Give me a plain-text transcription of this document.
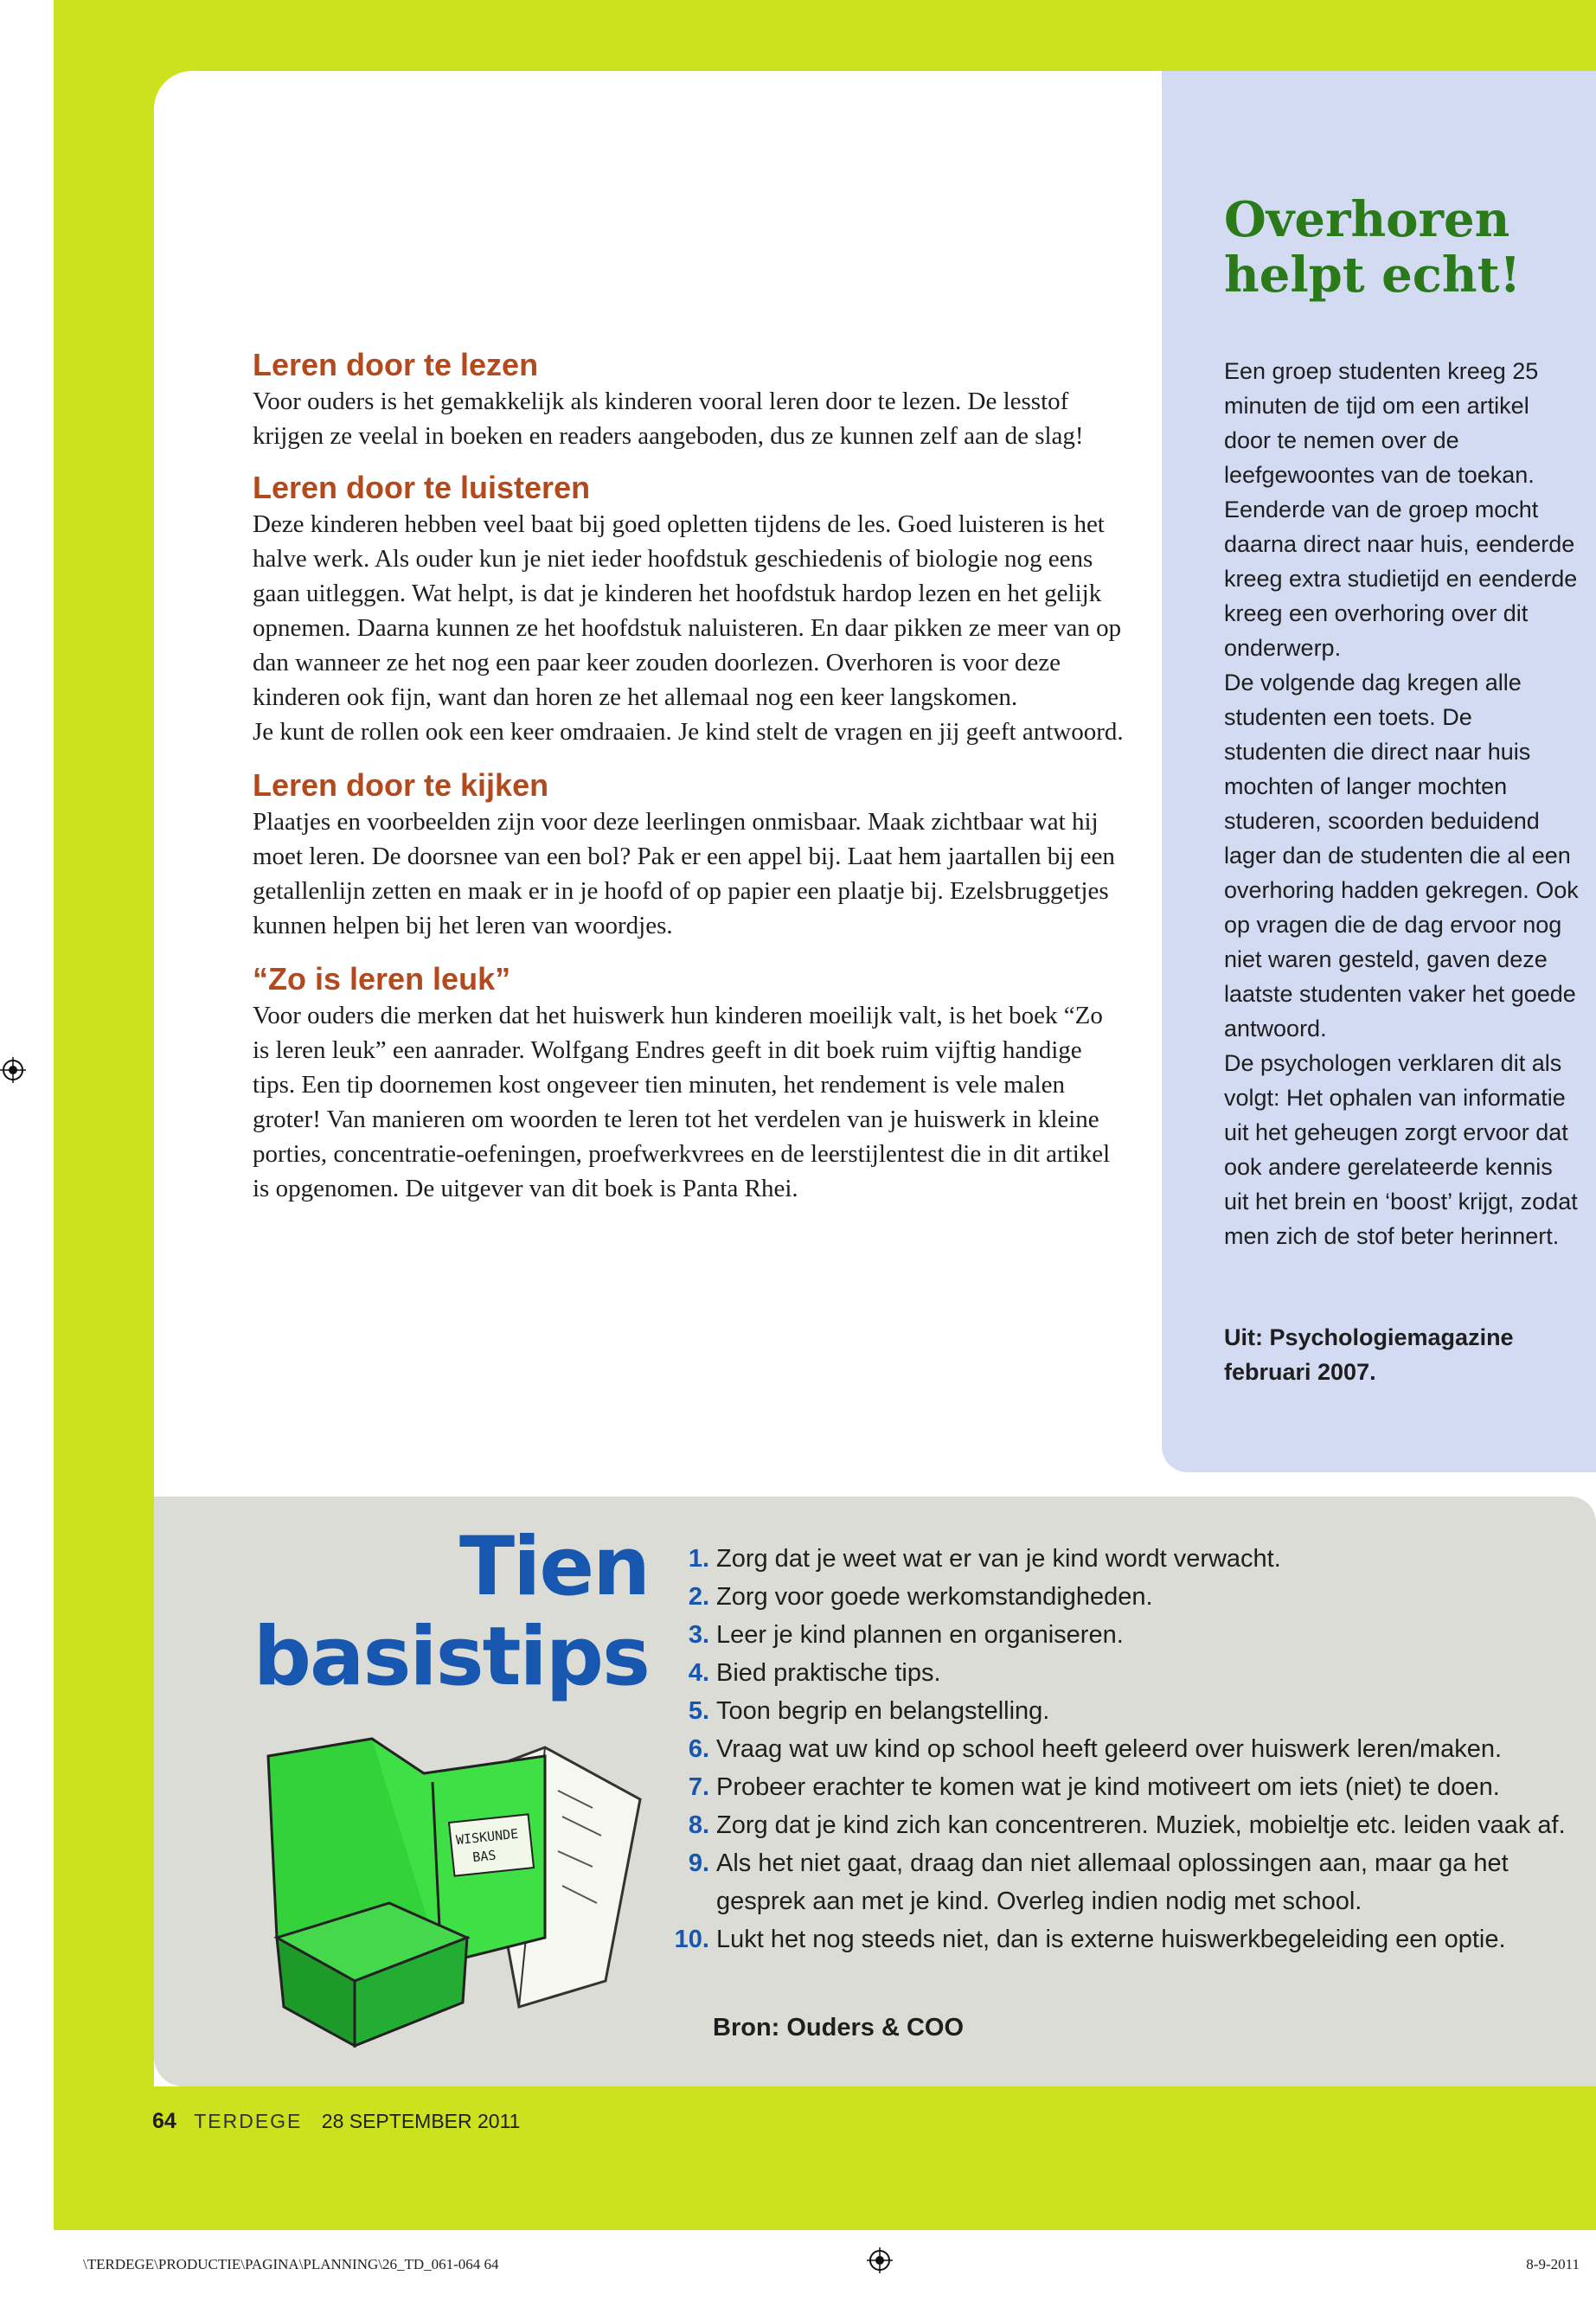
Overhoren helpt echt!

Een groep studenten kreeg 25 minuten de tijd om een artikel door te nemen over de leefgewoontes van de toekan. Eenderde van de groep mocht daarna direct naar huis, eenderde kreeg extra studietijd en eenderde kreeg een overhoring over dit onderwerp.

De volgende dag kregen alle studenten een toets. De studenten die direct naar huis mochten of langer mochten studeren, scoorden beduidend lager dan de studenten die al een overhoring hadden gekregen. Ook op vragen die de dag ervoor nog niet waren gesteld, gaven deze laatste studenten vaker het goede antwoord.

De psychologen verklaren dit als volgt: Het ophalen van informatie uit het geheugen zorgt ervoor dat ook andere gerelateerde kennis uit het brein en ‘boost’ krijgt, zodat men zich de stof beter herinnert.

Uit: Psychologiemagazine februari 2007.
Leren door te lezen

Voor ouders is het gemakkelijk als kinderen vooral leren door te lezen. De lesstof krijgen ze veelal in boeken en readers aangeboden, dus ze kunnen zelf aan de slag!

Leren door te luisteren

Deze kinderen hebben veel baat bij goed opletten tijdens de les. Goed luisteren is het halve werk. Als ouder kun je niet ieder hoofdstuk geschiedenis of biologie nog eens gaan uitleggen. Wat helpt, is dat je kinderen het hoofdstuk hardop lezen en het gelijk opnemen. Daarna kunnen ze het hoofdstuk naluisteren. En daar pikken ze meer van op dan wanneer ze het nog een paar keer zouden doorlezen. Overhoren is voor deze kinderen ook fijn, want dan horen ze het allemaal nog een keer langskomen.

Je kunt de rollen ook een keer omdraaien. Je kind stelt de vragen en jij geeft antwoord.

Leren door te kijken

Plaatjes en voorbeelden zijn voor deze leerlingen onmisbaar. Maak zichtbaar wat hij moet leren. De doorsnee van een bol? Pak er een appel bij. Laat hem jaartallen bij een getallenlijn zetten en maak er in je hoofd of op papier een plaatje bij. Ezelsbruggetjes kunnen helpen bij het leren van woordjes.

“Zo is leren leuk”

Voor ouders die merken dat het huiswerk hun kinderen moeilijk valt, is het boek “Zo is leren leuk” een aanrader. Wolfgang Endres geeft in dit boek ruim vijftig handige tips. Een tip doornemen kost ongeveer tien minuten, het rendement is vele malen groter! Van manieren om woorden te leren tot het verdelen van je huiswerk in kleine porties, concentratie-oefeningen, proefwerkvrees en de leerstijlentest die in dit artikel is opgenomen. De uitgever van dit boek is Panta Rhei.

Tien
basistips
WISKUNDE
BAS
1. Zorg dat je weet wat er van je kind wordt verwacht.
2. Zorg voor goede werkomstandigheden.
3. Leer je kind plannen en organiseren.
4. Bied praktische tips.
5. Toon begrip en belangstelling.
6. Vraag wat uw kind op school heeft geleerd over huiswerk leren/maken.
7. Probeer erachter te komen wat je kind motiveert om iets (niet) te doen.
8. Zorg dat je kind zich kan concentreren. Muziek, mobieltje etc. leiden vaak af.
9. Als het niet gaat, draag dan niet allemaal oplossingen aan, maar ga het gesprek aan met je kind. Overleg indien nodig met school.
10. Lukt het nog steeds niet, dan is externe huiswerkbegeleiding een optie.
Bron: Ouders & COO
64 TERDEGE 28 SEPTEMBER 2011
\TERDEGE\PRODUCTIE\PAGINA\PLANNING\26_TD_061-064 64	8-9-2011
